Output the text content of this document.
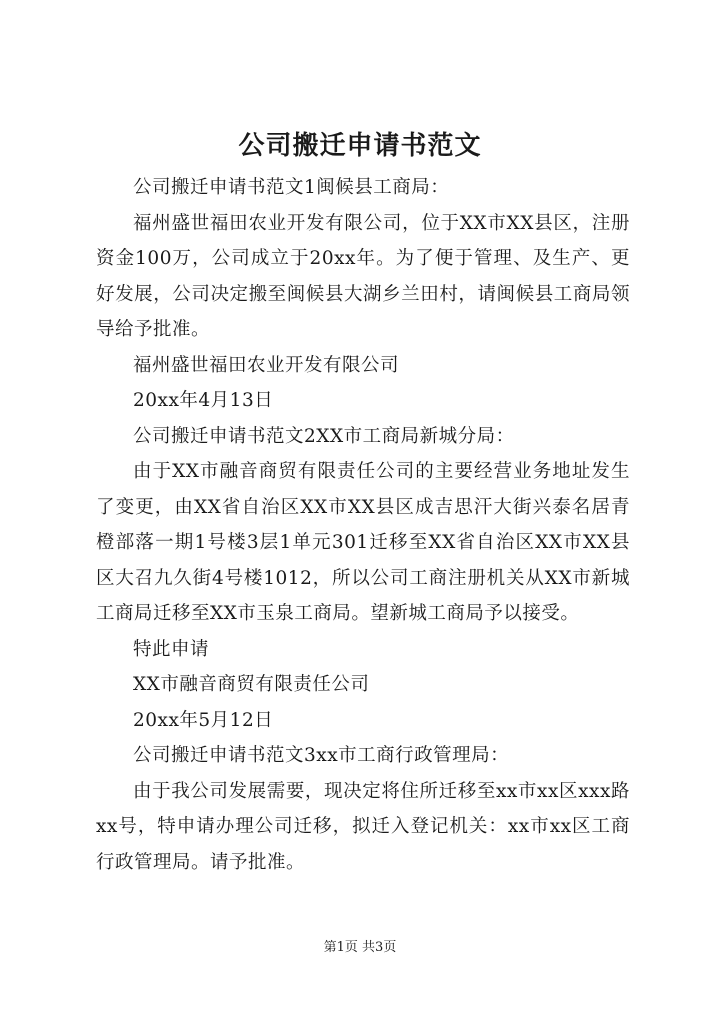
公司搬迁申请书范文

公司搬迁申请书范文1闽候县工商局：

福州盛世福田农业开发有限公司，位于XX市XX县区，注册资金100万，公司成立于20xx年。为了便于管理、及生产、更好发展，公司决定搬至闽候县大湖乡兰田村，请闽候县工商局领导给予批准。

福州盛世福田农业开发有限公司

20xx年4月13日

公司搬迁申请书范文2XX市工商局新城分局：

由于XX市融音商贸有限责任公司的主要经营业务地址发生了变更，由XX省自治区XX市XX县区成吉思汗大街兴泰名居青橙部落一期1号楼3层1单元301迁移至XX省自治区XX市XX县区大召九久街4号楼1012，所以公司工商注册机关从XX市新城工商局迁移至XX市玉泉工商局。望新城工商局予以接受。

特此申请

XX市融音商贸有限责任公司

20xx年5月12日

公司搬迁申请书范文3xx市工商行政管理局：

由于我公司发展需要，现决定将住所迁移至xx市xx区xxx路xx号，特申请办理公司迁移，拟迁入登记机关：xx市xx区工商行政管理局。请予批准。

第1页 共3页
